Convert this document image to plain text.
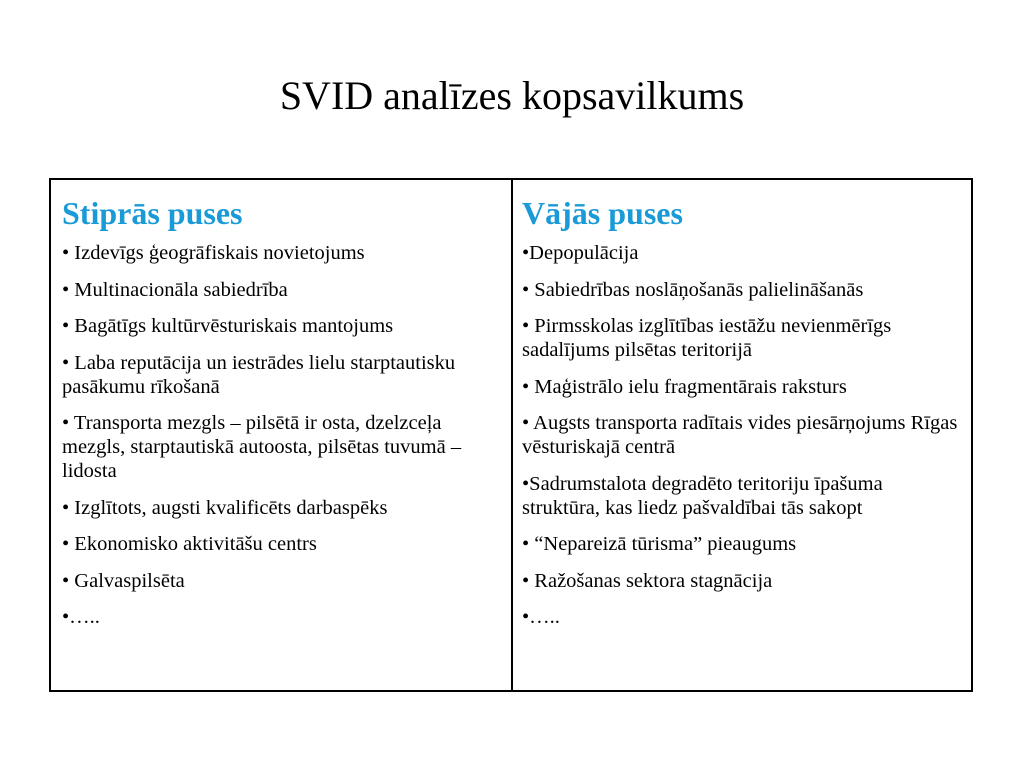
SVID analīzes kopsavilkums
Stiprās puses
• Izdevīgs ģeogrāfiskais novietojums
• Multinacionāla sabiedrība
• Bagātīgs kultūrvēsturiskais mantojums
• Laba reputācija un iestrādes lielu starptautisku pasākumu rīkošanā
• Transporta mezgls – pilsētā ir osta, dzelzceļa mezgls, starptautiskā autoosta, pilsētas tuvumā – lidosta
• Izglītots, augsti kvalificēts darbaspēks
• Ekonomisko aktivitāšu centrs
• Galvaspilsēta
•…..
Vājās puses
•Depopulācija
• Sabiedrības noslāņošanās palielināšanās
• Pirmsskolas izglītības iestāžu nevienmērīgs sadalījums pilsētas teritorijā
• Maģistrālo ielu fragmentārais raksturs
• Augsts transporta radītais vides piesārņojums Rīgas vēsturiskajā centrā
•Sadrumstalota degradēto teritoriju īpašuma struktūra, kas liedz pašvaldībai tās sakopt
• “Nepareizā tūrisma” pieaugums
• Ražošanas sektora stagnācija
•…..
